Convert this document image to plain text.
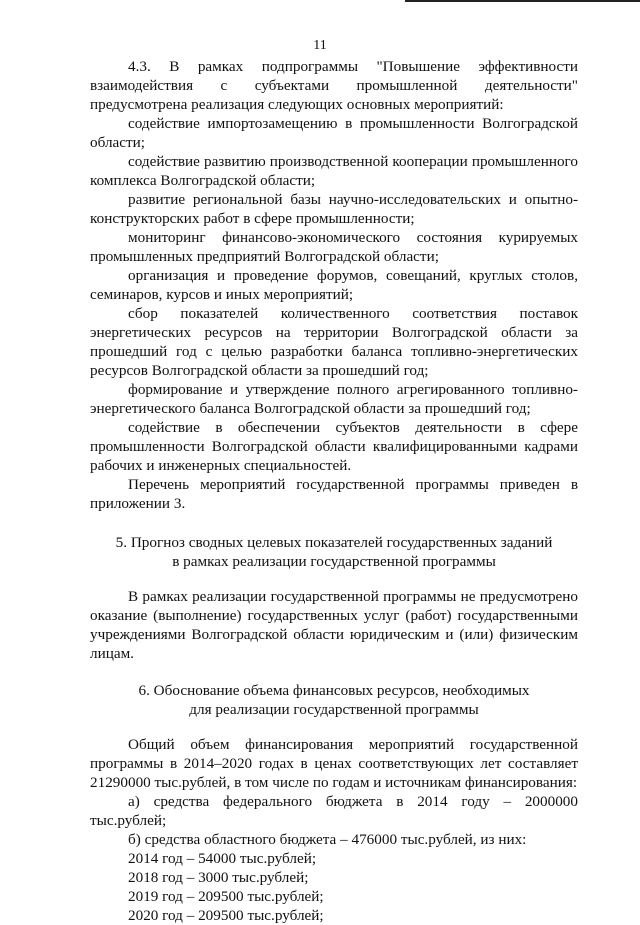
11

4.3. В рамках подпрограммы "Повышение эффективности взаимодействия с субъектами промышленной деятельности" предусмотрена реализация следующих основных мероприятий:

содействие импортозамещению в промышленности Волгоградской области;

содействие развитию производственной кооперации промышленного комплекса Волгоградской области;

развитие региональной базы научно-исследовательских и опытно-конструкторских работ в сфере промышленности;

мониторинг финансово-экономического состояния курируемых промышленных предприятий Волгоградской области;

организация и проведение форумов, совещаний, круглых столов, семинаров, курсов и иных мероприятий;

сбор показателей количественного соответствия поставок энергетических ресурсов на территории Волгоградской области за прошедший год с целью разработки баланса топливно-энергетических ресурсов Волгоградской области за прошедший год;

формирование и утверждение полного агрегированного топливно-энергетического баланса Волгоградской области за прошедший год;

содействие в обеспечении субъектов деятельности в сфере промышленности Волгоградской области квалифицированными кадрами рабочих и инженерных специальностей.

Перечень мероприятий государственной программы приведен в приложении 3.

5. Прогноз сводных целевых показателей государственных заданий

в рамках реализации государственной программы

В рамках реализации государственной программы не предусмотрено оказание (выполнение) государственных услуг (работ) государственными учреждениями Волгоградской области юридическим и (или) физическим лицам.

6. Обоснование объема финансовых ресурсов, необходимых

для реализации государственной программы

Общий объем финансирования мероприятий государственной программы в 2014–2020 годах в ценах соответствующих лет составляет 21290000 тыс.рублей, в том числе по годам и источникам финансирования:

а) средства федерального бюджета в 2014 году – 2000000 тыс.рублей;

б) средства областного бюджета – 476000 тыс.рублей, из них:

2014 год – 54000 тыс.рублей;

2018 год – 3000 тыс.рублей;

2019 год – 209500 тыс.рублей;

2020 год – 209500 тыс.рублей;
